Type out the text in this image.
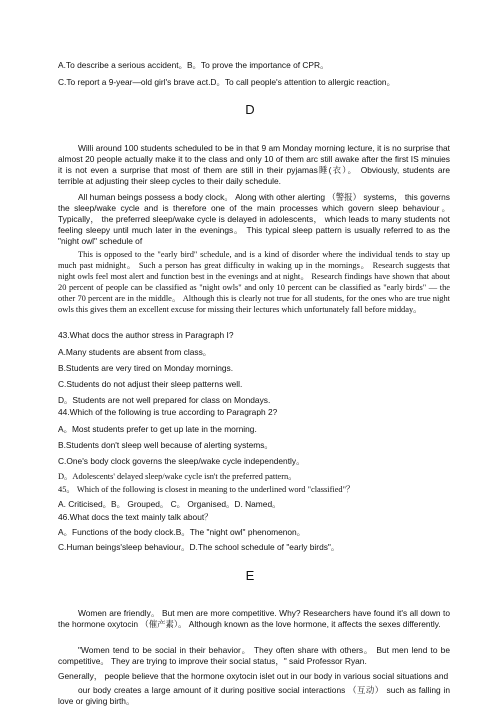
A.To describe a serious accident。B。To prove the importance of CPR。
C.To report a 9-year—old girl's brave act.D。To call people's attention to allergic reaction。
D
Willi around 100 students scheduled to be in that 9 am Monday morning lecture, it is no surprise that almost 20 people actually make it to the class and only 10 of them arc still awake after the first IS minuies it is not even a surprise that most of them are still in their pyjamas睡(衣）。 Obviously, students are terrible at adjusting their sleep cycles to their daily schedule.
All human beings possess a body clock。 Along with other alerting （警报） systems， this governs the sleep/wake cycle and is therefore one of the main processes which govern sleep behaviour。 Typically， the preferred sleep/wake cycle is delayed in adolescents， which leads to many students not feeling sleepy until much later in the evenings。 This typical sleep pattern is usually referred to as the "night owl" schedule of
This is opposed to the "early bird" schedule, and is a kind of disorder where the individual tends to stay up much past midnight。 Such a person has great difficulty in waking up in the mornings。 Research suggests that night owls feel most alert and function best in the evenings and at night。 Research findings have shown that about 20 percent of people can be classified as "night owls" and only 10 percent can be classified as "early birds" — the other 70 percent are in the middle。 Although this is clearly not true for all students, for the ones who are true night owls this gives them an excellent excuse for missing their lectures which unfortunately fall before midday。
43.What docs the author stress in Paragraph I?
A.Many students are absent from class。
B.Students are very tired on Monday mornings.
C.Students do not adjust their sleep patterns well.
D。Students are not well prepared for class on Mondays.
44.Which of the following is true according to Paragraph 2?
A。Most students prefer to get up late in the morning.
B.Students don't sleep well because of alerting systems。
C.One's body clock governs the sleep/wake cycle independently。
D。Adolescents' delayed sleep/wake cycle isn't the preferred pattern。
45。 Which of the following is closest in meaning to the underlined word "classified"？
A. Criticised。B。 Grouped。 C。 Organised。D. Named。
46.What docs the text mainly talk about？
A。Functions of the body clock.B。The "night owl" phenomenon。
C.Human beings'sleep behaviour。D.The school schedule of "early birds"。
E
Women are friendly。 But men are more competitive. Why? Researchers have found it's all down to the hormone oxytocin （催产素）。 Although known as the love hormone, it affects the sexes differently.
"Women tend to be social in their behavior。 They often share with others。 But men lend to be competitive。 They are trying to improve their social status，" said Professor Ryan.
Generally， people believe that the hormone oxytocin islet out in our body in various social situations and
our body creates a large amount of it during positive social interactions （互动） such as falling in love or giving birth。
